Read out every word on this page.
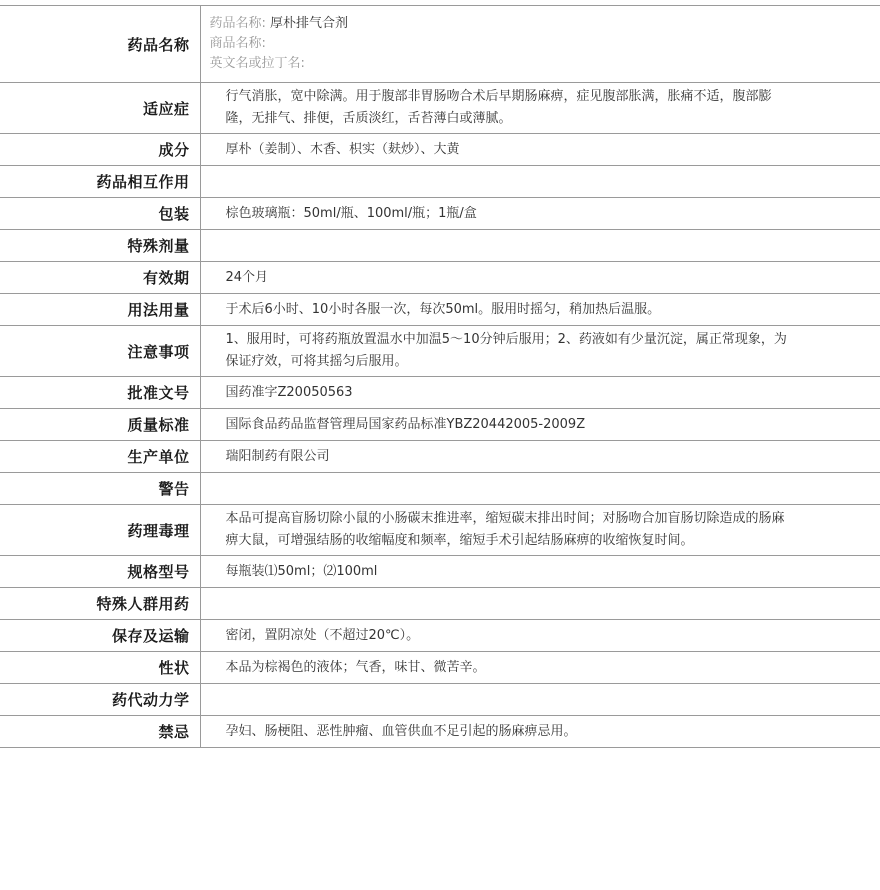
药品名称	药品名称: 厚朴排气合剂
商品名称:
英文名或拉丁名:

适应症	行气消胀，宽中除满。用于腹部非胃肠吻合术后早期肠麻痹，症见腹部胀满，胀痛不适，腹部膨隆，无排气、排便，舌质淡红，舌苔薄白或薄腻。
成分	厚朴（姜制）、木香、枳实（麸炒）、大黄
药品相互作用	
包装	棕色玻璃瓶：50ml/瓶、100ml/瓶；1瓶/盒
特殊剂量	
有效期	24个月
用法用量	于术后6小时、10小时各服一次，每次50ml。服用时摇匀，稍加热后温服。
注意事项	1、服用时，可将药瓶放置温水中加温5～10分钟后服用；2、药液如有少量沉淀，属正常现象，为保证疗效，可将其摇匀后服用。
批准文号	国药准字Z20050563
质量标准	国际食品药品监督管理局国家药品标准YBZ20442005-2009Z
生产单位	瑞阳制药有限公司
警告	
药理毒理	本品可提高盲肠切除小鼠的小肠碳末推进率，缩短碳末排出时间；对肠吻合加盲肠切除造成的肠麻痹大鼠，可增强结肠的收缩幅度和频率，缩短手术引起结肠麻痹的收缩恢复时间。
规格型号	每瓶装⑴50ml；⑵100ml
特殊人群用药	
保存及运输	密闭，置阴凉处（不超过20℃）。
性状	本品为棕褐色的液体；气香，味甘、微苦辛。
药代动力学	
禁忌	孕妇、肠梗阻、恶性肿瘤、血管供血不足引起的肠麻痹忌用。
